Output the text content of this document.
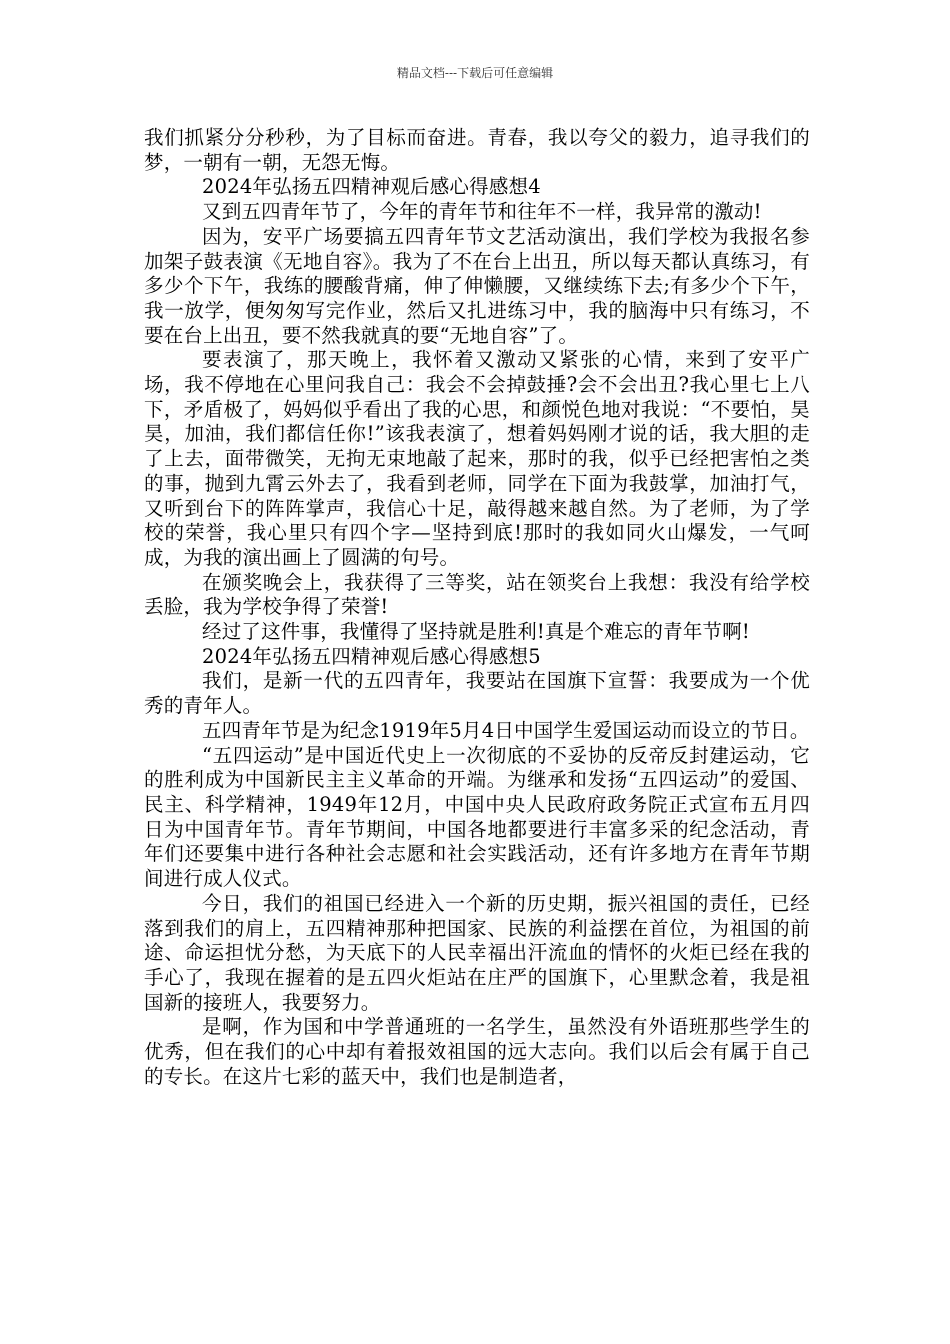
精品文档---下载后可任意编辑

我们抓紧分分秒秒，为了目标而奋进。青春，我以夸父的毅力，追寻我们的梦，一朝有一朝，无怨无悔。

2024年弘扬五四精神观后感心得感想4

又到五四青年节了，今年的青年节和往年不一样，我异常的激动!

因为，安平广场要搞五四青年节文艺活动演出，我们学校为我报名参加架子鼓表演《无地自容》。我为了不在台上出丑，所以每天都认真练习，有多少个下午，我练的腰酸背痛，伸了伸懒腰，又继续练下去;有多少个下午，我一放学，便匆匆写完作业，然后又扎进练习中，我的脑海中只有练习，不要在台上出丑，要不然我就真的要“无地自容”了。

要表演了，那天晚上，我怀着又激动又紧张的心情，来到了安平广场，我不停地在心里问我自己：我会不会掉鼓捶?会不会出丑?我心里七上八下，矛盾极了，妈妈似乎看出了我的心思，和颜悦色地对我说：“不要怕，昊昊，加油，我们都信任你!”该我表演了，想着妈妈刚才说的话，我大胆的走了上去，面带微笑，无拘无束地敲了起来，那时的我，似乎已经把害怕之类的事，抛到九霄云外去了，我看到老师，同学在下面为我鼓掌，加油打气，又听到台下的阵阵掌声，我信心十足，敲得越来越自然。为了老师，为了学校的荣誉，我心里只有四个字—坚持到底!那时的我如同火山爆发，一气呵成，为我的演出画上了圆满的句号。

在颁奖晚会上，我获得了三等奖，站在领奖台上我想：我没有给学校丢脸，我为学校争得了荣誉!

经过了这件事，我懂得了坚持就是胜利!真是个难忘的青年节啊!

2024年弘扬五四精神观后感心得感想5

我们，是新一代的五四青年，我要站在国旗下宣誓：我要成为一个优秀的青年人。

五四青年节是为纪念1919年5月4日中国学生爱国运动而设立的节日。

“五四运动”是中国近代史上一次彻底的不妥协的反帝反封建运动，它的胜利成为中国新民主主义革命的开端。为继承和发扬“五四运动”的爱国、民主、科学精神，1949年12月，中国中央人民政府政务院正式宣布五月四日为中国青年节。青年节期间，中国各地都要进行丰富多采的纪念活动，青年们还要集中进行各种社会志愿和社会实践活动，还有许多地方在青年节期间进行成人仪式。

今日，我们的祖国已经进入一个新的历史期，振兴祖国的责任，已经落到我们的肩上，五四精神那种把国家、民族的利益摆在首位，为祖国的前途、命运担忧分愁，为天底下的人民幸福出汗流血的情怀的火炬已经在我的手心了，我现在握着的是五四火炬站在庄严的国旗下，心里默念着，我是祖国新的接班人，我要努力。

是啊，作为国和中学普通班的一名学生，虽然没有外语班那些学生的优秀，但在我们的心中却有着报效祖国的远大志向。我们以后会有属于自己的专长。在这片七彩的蓝天中，我们也是制造者，
